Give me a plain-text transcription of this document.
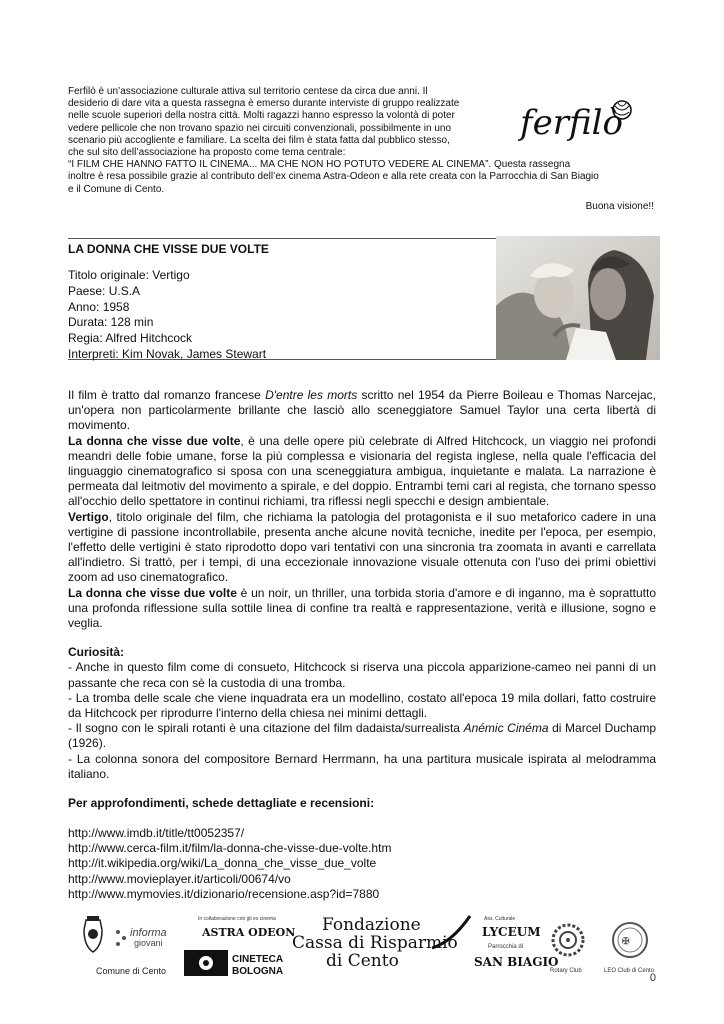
Ferfilò è un’associazione culturale attiva sul territorio centese da circa due anni. Il

desiderio di dare vita a questa rassegna è emerso durante interviste di gruppo realizzate

nelle scuole superiori della nostra città. Molti ragazzi hanno espresso la volontà di poter

vedere pellicole che non trovano spazio nei circuiti convenzionali, possibilmente in uno

scenario più accogliente e familiare. La scelta dei film è stata fatta dal pubblico stesso,

che sul sito dell’associazione ha proposto come tema centrale:

“I FILM CHE HANNO FATTO IL CINEMA... MA CHE NON HO POTUTO VEDERE AL CINEMA”. Questa rassegna

inoltre è resa possibile grazie al contributo dell’ex cinema Astra-Odeon e alla rete creata con la Parrocchia di San Biagio

e il Comune di Cento.

Buona visione!!
ferfilò
LA DONNA CHE VISSE DUE VOLTE
Titolo originale: Vertigo
Paese: U.S.A
Anno: 1958
Durata: 128 min
Regia: Alfred Hitchcock
Interpreti: Kim Novak, James Stewart

Il film è tratto dal romanzo francese D'entre les morts scritto nel 1954 da Pierre Boileau e Thomas Narcejac, un'opera non particolarmente brillante che lasciò allo sceneggiatore Samuel Taylor una certa libertà di movimento.

La donna che visse due volte, è una delle opere più celebrate di Alfred Hitchcock, un viaggio nei profondi meandri delle fobie umane, forse la più complessa e visionaria del regista inglese, nella quale l'efficacia del linguaggio cinematografico si sposa con una sceneggiatura ambigua, inquietante e malata. La narrazione è permeata dal leitmotiv del movimento a spirale, e del doppio. Entrambi temi cari al regista, che tornano spesso all'occhio dello spettatore in continui richiami, tra riflessi negli specchi e design ambientale.

Vertigo, titolo originale del film, che richiama la patologia del protagonista e il suo metaforico cadere in una vertigine di passione incontrollabile, presenta anche alcune novità tecniche, inedite per l'epoca, per esempio, l'effetto delle vertigini è stato riprodotto dopo vari tentativi con una sincronia tra zoomata in avanti e carrellata all'indietro. Si trattò, per i tempi, di una eccezionale innovazione visuale ottenuta con l'uso dei primi obiettivi zoom ad uso cinematografico.

La donna che visse due volte è un noir, un thriller, una torbida storia d'amore e di inganno, ma è soprattutto una profonda riflessione sulla sottile linea di confine tra realtà e rappresentazione, verità e illusione, sogno e veglia.

Curiosità:

- Anche in questo film come di consueto, Hitchcock si riserva una piccola apparizione-cameo nei panni di un passante che reca con sè la custodia di una tromba.

- La tromba delle scale che viene inquadrata era un modellino, costato all'epoca 19 mila dollari, fatto costruire da Hitchcock per riprodurre l'interno della chiesa nei minimi dettagli.

- Il sogno con le spirali rotanti è una citazione del film dadaista/surrealista Anémic Cinéma di Marcel Duchamp (1926).

- La colonna sonora del compositore Bernard Herrmann, ha una partitura musicale ispirata al melodramma italiano.

Per approfondimenti, schede dettagliate e recensioni:

http://www.imdb.it/title/tt0052357/
http://www.cerca-film.it/film/la-donna-che-visse-due-volte.htm
http://it.wikipedia.org/wiki/La_donna_che_visse_due_volte
http://www.movieplayer.it/articoli/00674/vo
http://www.mymovies.it/dizionario/recensione.asp?id=7880
Comune di Cento
informa
giovani
In collaborazione con gli ex cinema
ASTRA ODEON
CINETECA
BOLOGNA
Fondazione
Cassa di Risparmio
di Cento
Ass. Culturale
LYCEUM
Parrocchia di
SAN BIAGIO
Rotary Club
✠
LEO Club di Cento
0
